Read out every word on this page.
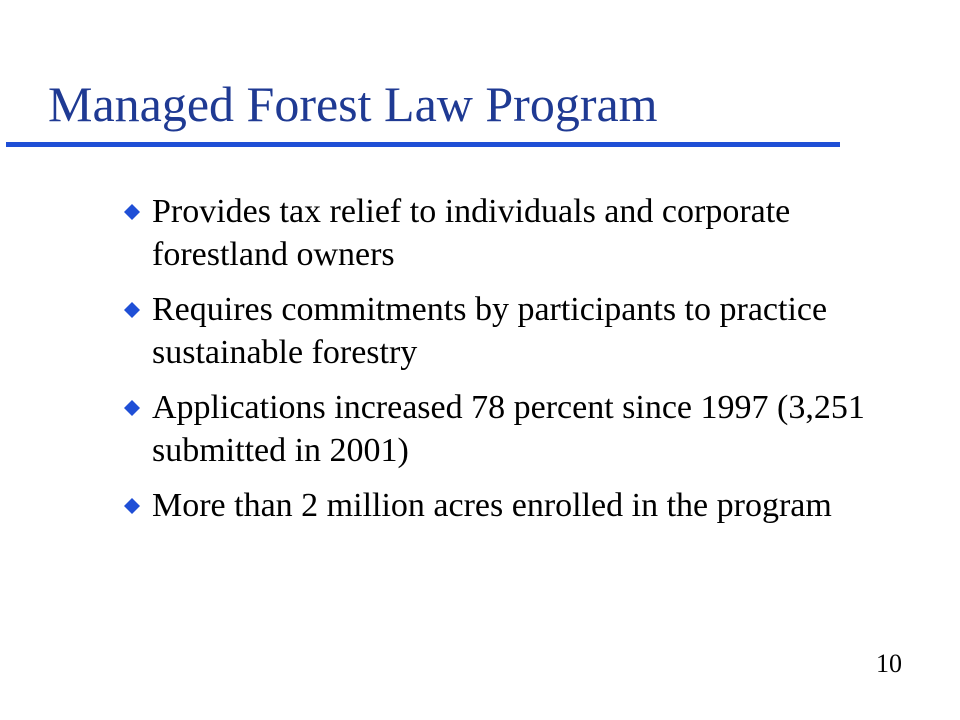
Managed Forest Law Program
Provides tax relief to individuals and corporate forestland owners
Requires commitments by participants to practice sustainable forestry
Applications increased 78 percent since 1997 (3,251 submitted in 2001)
More than 2 million acres enrolled in the program
10
